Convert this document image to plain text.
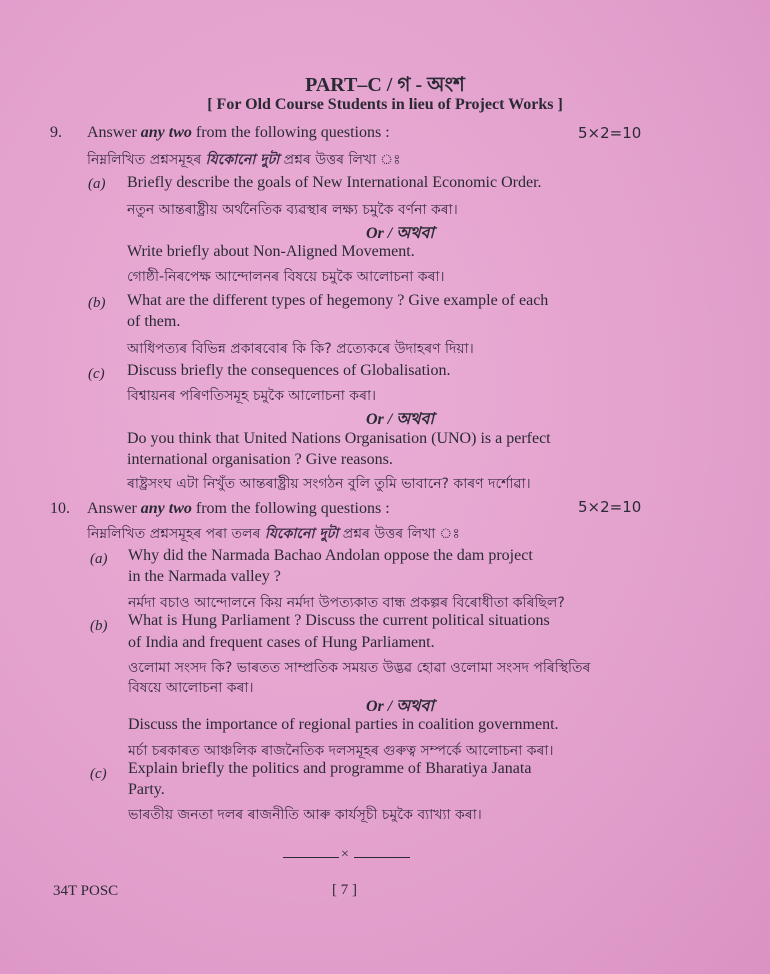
PART–C / গ - অংশ
[ For Old Course Students in lieu of Project Works ]
9. Answer any two from the following questions :	5×2=10
নিম্নলিখিত প্ৰশ্নসমূহৰ যিকোনো দুটা প্ৰশ্নৰ উত্তৰ লিখা ঃ
(a) Briefly describe the goals of New International Economic Order.
নতুন আন্তৰাষ্ট্ৰীয় অৰ্থনৈতিক ব্যৱস্থাৰ লক্ষ্য চমুকৈ বৰ্ণনা কৰা।
Or / অথবা
Write briefly about Non-Aligned Movement.
গোষ্ঠী-নিৰপেক্ষ আন্দোলনৰ বিষয়ে চমুকৈ আলোচনা কৰা।
(b) What are the different types of hegemony ? Give example of each
of them.
আধিপত্যৰ বিভিন্ন প্ৰকাৰবোৰ কি কি? প্ৰত্যেকৰে উদাহৰণ দিয়া।
(c) Discuss briefly the consequences of Globalisation.
বিশ্বায়নৰ পৰিণতিসমূহ চমুকৈ আলোচনা কৰা।
Or / অথবা
Do you think that United Nations Organisation (UNO) is a perfect
international organisation ? Give reasons.
ৰাষ্ট্ৰসংঘ এটা নিখুঁত আন্তৰাষ্ট্ৰীয় সংগঠন বুলি তুমি ভাবানে? কাৰণ দৰ্শোৱা।
10. Answer any two from the following questions :	5×2=10
নিম্নলিখিত প্ৰশ্নসমূহৰ পৰা তলৰ যিকোনো দুটা প্ৰশ্নৰ উত্তৰ লিখা ঃ
(a) Why did the Narmada Bachao Andolan oppose the dam project
in the Narmada valley ?
নৰ্মদা বচাও আন্দোলনে কিয় নৰ্মদা উপত্যকাত বান্ধ প্ৰকল্পৰ বিৰোধীতা কৰিছিল?
(b) What is Hung Parliament ? Discuss the current political situations
of India and frequent cases of Hung Parliament.
ওলোমা সংসদ কি? ভাৰতত সাম্প্ৰতিক সময়ত উদ্ভৱ হোৱা ওলোমা সংসদ পৰিস্থিতিৰ
বিষয়ে আলোচনা কৰা।
Or / অথবা
Discuss the importance of regional parties in coalition government.
মৰ্চা চৰকাৰত আঞ্চলিক ৰাজনৈতিক দলসমূহৰ গুৰুত্ব সম্পৰ্কে আলোচনা কৰা।
(c) Explain briefly the politics and programme of Bharatiya Janata
Party.
ভাৰতীয় জনতা দলৰ ৰাজনীতি আৰু কাৰ্যসূচী চমুকৈ ব্যাখ্যা কৰা।
×
34T POSC	[ 7 ]
